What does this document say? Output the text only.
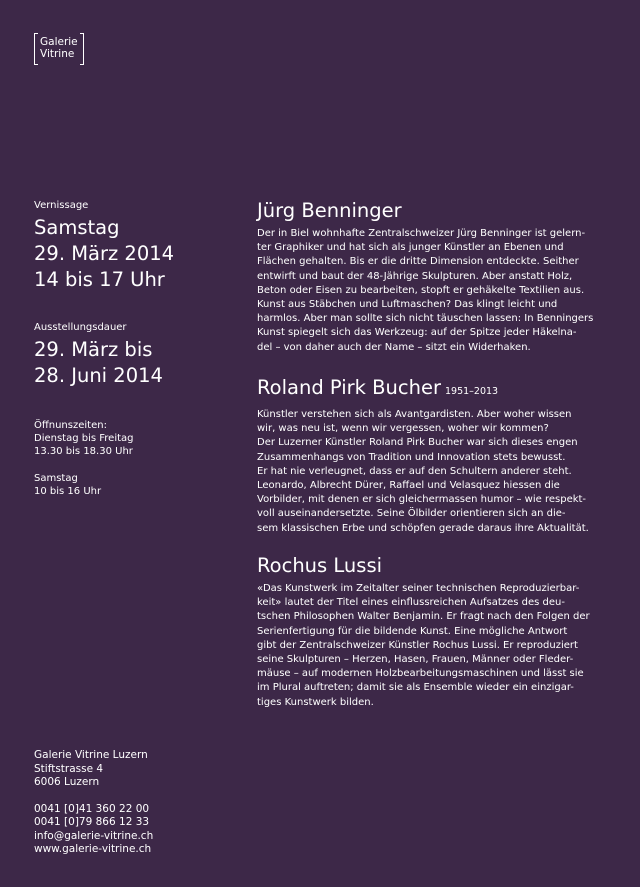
Galerie
Vitrine
Vernissage
Samstag
29. März 2014
14 bis 17 Uhr
Ausstellungsdauer
29. März bis
28. Juni 2014
Öffnunszeiten:
Dienstag bis Freitag
13.30 bis 18.30 Uhr
Samstag
10 bis 16 Uhr
Jürg Benninger

Der in Biel wohnhafte Zentralschweizer Jürg Benninger ist gelern-
ter Graphiker und hat sich als junger Künstler an Ebenen und
Flächen gehalten. Bis er die dritte Dimension entdeckte. Seither
entwirft und baut der 48-Jährige Skulpturen. Aber anstatt Holz,
Beton oder Eisen zu bearbeiten, stopft er gehäkelte Textilien aus.
Kunst aus Stäbchen und Luftmaschen? Das klingt leicht und
harmlos. Aber man sollte sich nicht täuschen lassen: In Benningers
Kunst spiegelt sich das Werkzeug: auf der Spitze jeder Häkelna-
del – von daher auch der Name – sitzt ein Widerhaken.

Roland Pirk Bucher 1951–2013

Künstler verstehen sich als Avantgardisten. Aber woher wissen
wir, was neu ist, wenn wir vergessen, woher wir kommen?
Der Luzerner Künstler Roland Pirk Bucher war sich dieses engen
Zusammenhangs von Tradition und Innovation stets bewusst.
Er hat nie verleugnet, dass er auf den Schultern anderer steht.
Leonardo, Albrecht Dürer, Raffael und Velasquez hiessen die
Vorbilder, mit denen er sich gleichermassen humor – wie respekt-
voll auseinandersetzte. Seine Ölbilder orientieren sich an die-
sem klassischen Erbe und schöpfen gerade daraus ihre Aktualität.

Rochus Lussi

«Das Kunstwerk im Zeitalter seiner technischen Reproduzierbar-
keit» lautet der Titel eines einflussreichen Aufsatzes des deu-
tschen Philosophen Walter Benjamin. Er fragt nach den Folgen der
Serienfertigung für die bildende Kunst. Eine mögliche Antwort
gibt der Zentralschweizer Künstler Rochus Lussi. Er reproduziert
seine Skulpturen – Herzen, Hasen, Frauen, Männer oder Fleder-
mäuse – auf modernen Holzbearbeitungsmaschinen und lässt sie
im Plural auftreten; damit sie als Ensemble wieder ein einzigar-
tiges Kunstwerk bilden.

Galerie Vitrine Luzern
Stiftstrasse 4
6006 Luzern
0041 [0]41 360 22 00
0041 [0]79 866 12 33
info@galerie-vitrine.ch
www.galerie-vitrine.ch
